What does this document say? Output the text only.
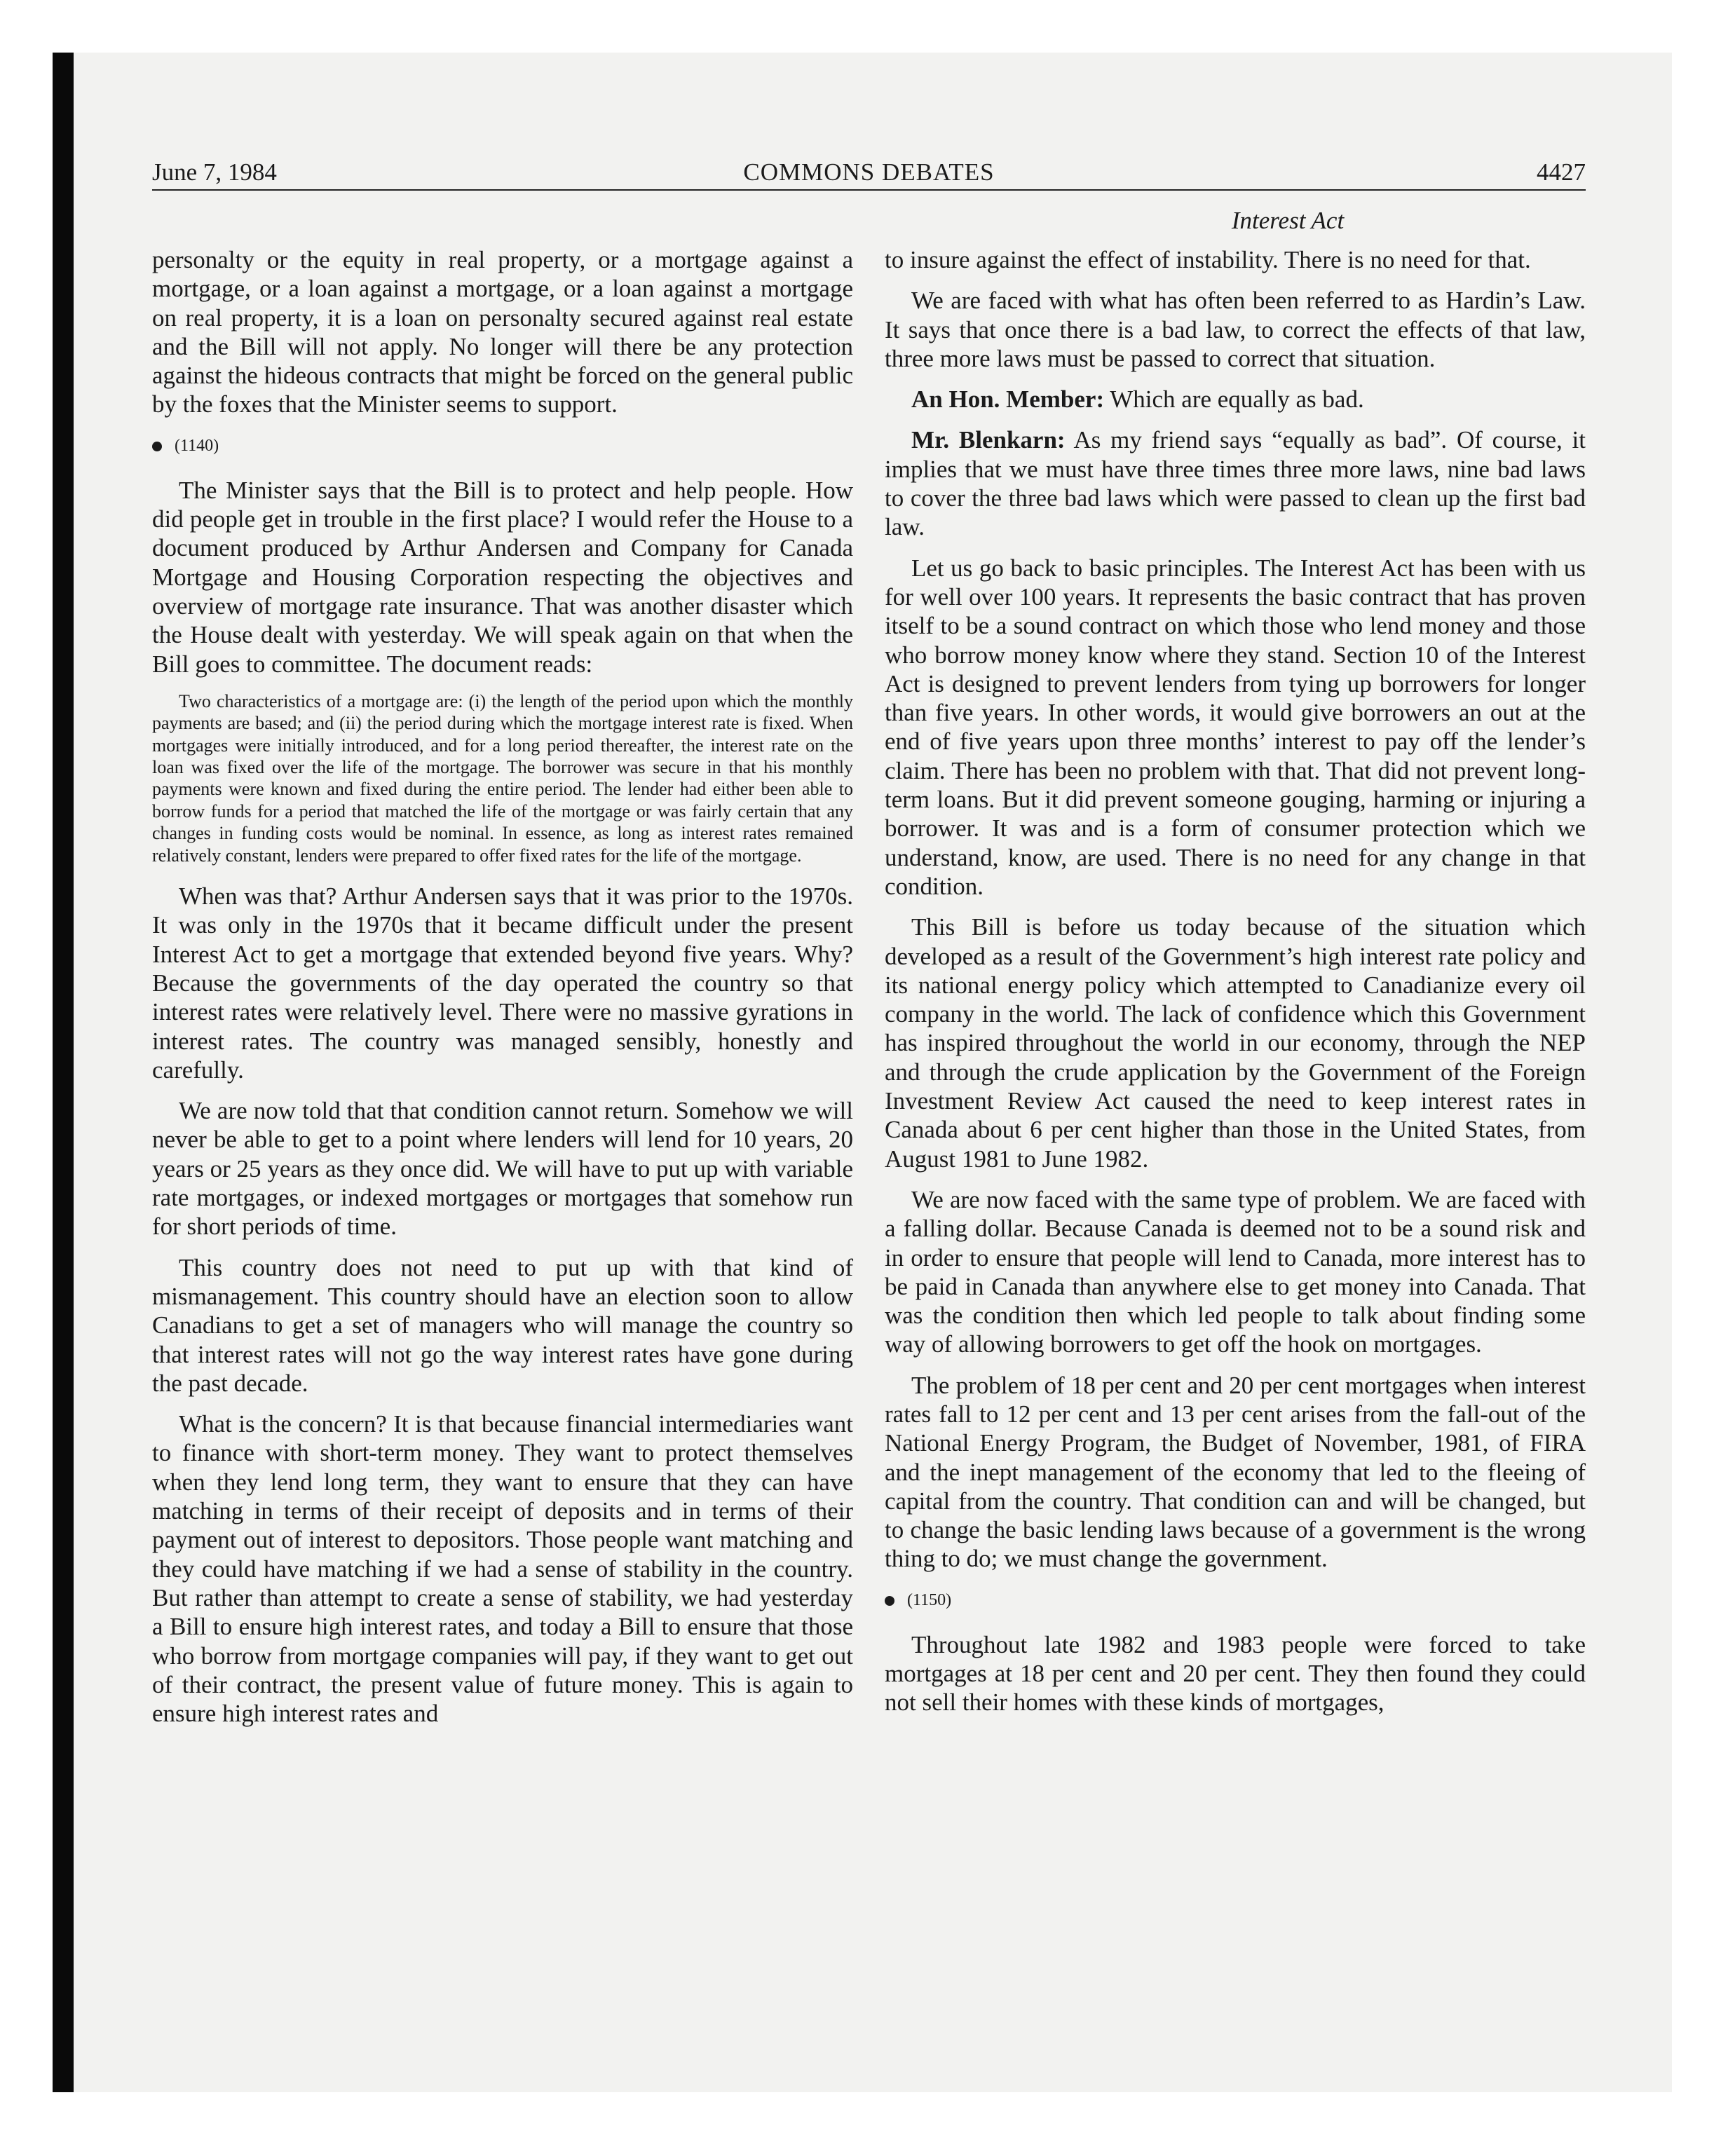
June 7, 1984	COMMONS DEBATES	4427
Interest Act

personalty or the equity in real property, or a mortgage against a mortgage, or a loan against a mortgage, or a loan against a mortgage on real property, it is a loan on personalty secured against real estate and the Bill will not apply. No longer will there be any protection against the hideous contracts that might be forced on the general public by the foxes that the Minister seems to support.

(1140)

The Minister says that the Bill is to protect and help people. How did people get in trouble in the first place? I would refer the House to a document produced by Arthur Andersen and Company for Canada Mortgage and Housing Corporation respecting the objectives and overview of mortgage rate insurance. That was another disaster which the House dealt with yesterday. We will speak again on that when the Bill goes to committee. The document reads:

Two characteristics of a mortgage are: (i) the length of the period upon which the monthly payments are based; and (ii) the period during which the mortgage interest rate is fixed. When mortgages were initially introduced, and for a long period thereafter, the interest rate on the loan was fixed over the life of the mortgage. The borrower was secure in that his monthly payments were known and fixed during the entire period. The lender had either been able to borrow funds for a period that matched the life of the mortgage or was fairly certain that any changes in funding costs would be nominal. In essence, as long as interest rates remained relatively constant, lenders were prepared to offer fixed rates for the life of the mortgage.

When was that? Arthur Andersen says that it was prior to the 1970s. It was only in the 1970s that it became difficult under the present Interest Act to get a mortgage that extended beyond five years. Why? Because the governments of the day operated the country so that interest rates were relatively level. There were no massive gyrations in interest rates. The country was managed sensibly, honestly and carefully.

We are now told that that condition cannot return. Somehow we will never be able to get to a point where lenders will lend for 10 years, 20 years or 25 years as they once did. We will have to put up with variable rate mortgages, or indexed mortgages or mortgages that somehow run for short periods of time.

This country does not need to put up with that kind of mismanagement. This country should have an election soon to allow Canadians to get a set of managers who will manage the country so that interest rates will not go the way interest rates have gone during the past decade.

What is the concern? It is that because financial intermediaries want to finance with short-term money. They want to protect themselves when they lend long term, they want to ensure that they can have matching in terms of their receipt of deposits and in terms of their payment out of interest to depositors. Those people want matching and they could have matching if we had a sense of stability in the country. But rather than attempt to create a sense of stability, we had yesterday a Bill to ensure high interest rates, and today a Bill to ensure that those who borrow from mortgage companies will pay, if they want to get out of their contract, the present value of future money. This is again to ensure high interest rates and

to insure against the effect of instability. There is no need for that.

We are faced with what has often been referred to as Hardin’s Law. It says that once there is a bad law, to correct the effects of that law, three more laws must be passed to correct that situation.

An Hon. Member: Which are equally as bad.

Mr. Blenkarn: As my friend says “equally as bad”. Of course, it implies that we must have three times three more laws, nine bad laws to cover the three bad laws which were passed to clean up the first bad law.

Let us go back to basic principles. The Interest Act has been with us for well over 100 years. It represents the basic contract that has proven itself to be a sound contract on which those who lend money and those who borrow money know where they stand. Section 10 of the Interest Act is designed to prevent lenders from tying up borrowers for longer than five years. In other words, it would give borrowers an out at the end of five years upon three months’ interest to pay off the lender’s claim. There has been no problem with that. That did not prevent long-term loans. But it did prevent someone gouging, harming or injuring a borrower. It was and is a form of consumer protection which we understand, know, are used. There is no need for any change in that condition.

This Bill is before us today because of the situation which developed as a result of the Government’s high interest rate policy and its national energy policy which attempted to Canadianize every oil company in the world. The lack of confidence which this Government has inspired throughout the world in our economy, through the NEP and through the crude application by the Government of the Foreign Investment Review Act caused the need to keep interest rates in Canada about 6 per cent higher than those in the United States, from August 1981 to June 1982.

We are now faced with the same type of problem. We are faced with a falling dollar. Because Canada is deemed not to be a sound risk and in order to ensure that people will lend to Canada, more interest has to be paid in Canada than anywhere else to get money into Canada. That was the condition then which led people to talk about finding some way of allowing borrowers to get off the hook on mortgages.

The problem of 18 per cent and 20 per cent mortgages when interest rates fall to 12 per cent and 13 per cent arises from the fall-out of the National Energy Program, the Budget of November, 1981, of FIRA and the inept management of the economy that led to the fleeing of capital from the country. That condition can and will be changed, but to change the basic lending laws because of a government is the wrong thing to do; we must change the government.

(1150)

Throughout late 1982 and 1983 people were forced to take mortgages at 18 per cent and 20 per cent. They then found they could not sell their homes with these kinds of mortgages,
